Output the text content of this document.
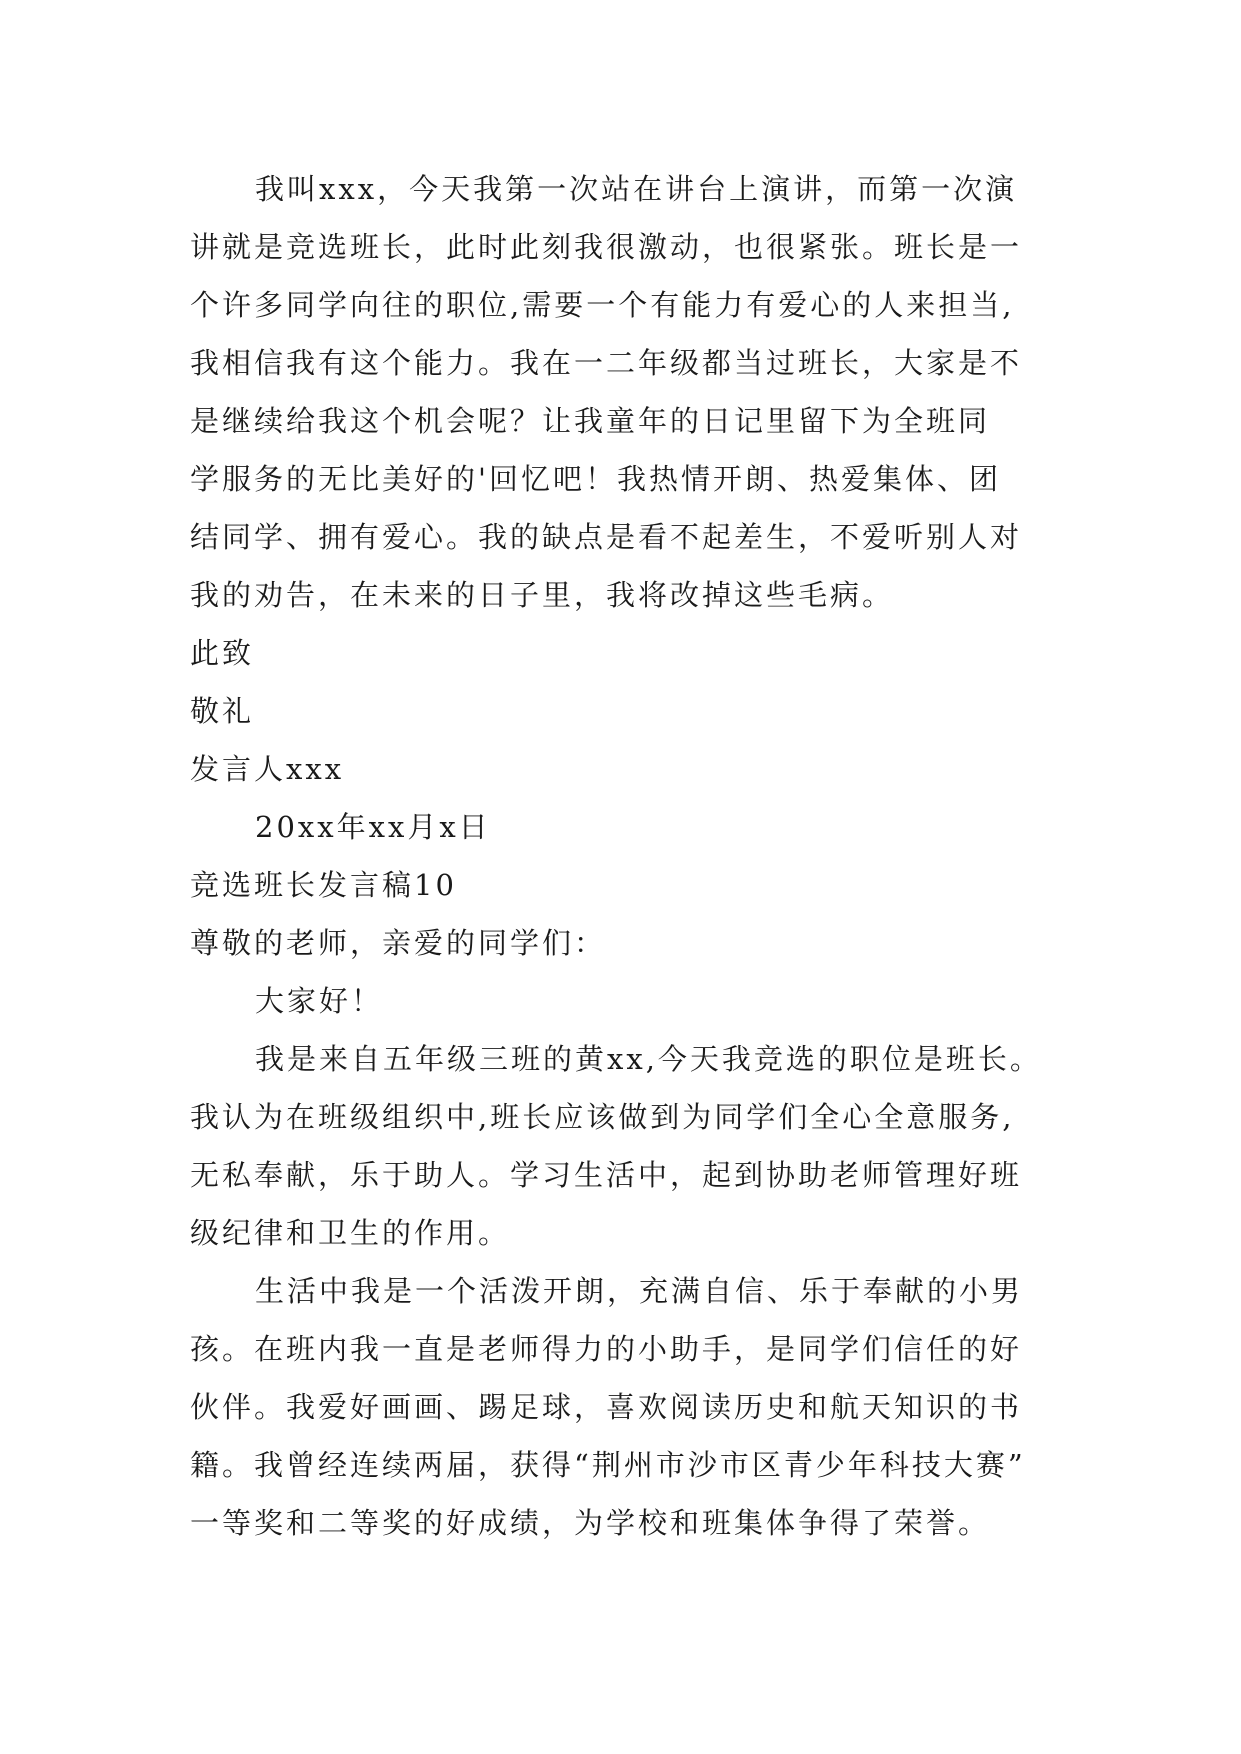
我叫xxx，今天我第一次站在讲台上演讲，而第一次演

讲就是竞选班长，此时此刻我很激动，也很紧张。班长是一

个许多同学向往的职位,需要一个有能力有爱心的人来担当,

我相信我有这个能力。我在一二年级都当过班长，大家是不

是继续给我这个机会呢？让我童年的日记里留下为全班同

学服务的无比美好的'回忆吧！我热情开朗、热爱集体、团

结同学、拥有爱心。我的缺点是看不起差生，不爱听别人对

我的劝告，在未来的日子里，我将改掉这些毛病。

此致

敬礼

发言人xxx

20xx年xx月x日

竞选班长发言稿10

尊敬的老师，亲爱的同学们：

大家好！

我是来自五年级三班的黄xx,今天我竞选的职位是班长。

我认为在班级组织中,班长应该做到为同学们全心全意服务,

无私奉献，乐于助人。学习生活中，起到协助老师管理好班

级纪律和卫生的作用。

生活中我是一个活泼开朗，充满自信、乐于奉献的小男

孩。在班内我一直是老师得力的小助手，是同学们信任的好

伙伴。我爱好画画、踢足球，喜欢阅读历史和航天知识的书

籍。我曾经连续两届，获得“荆州市沙市区青少年科技大赛”

一等奖和二等奖的好成绩，为学校和班集体争得了荣誉。
